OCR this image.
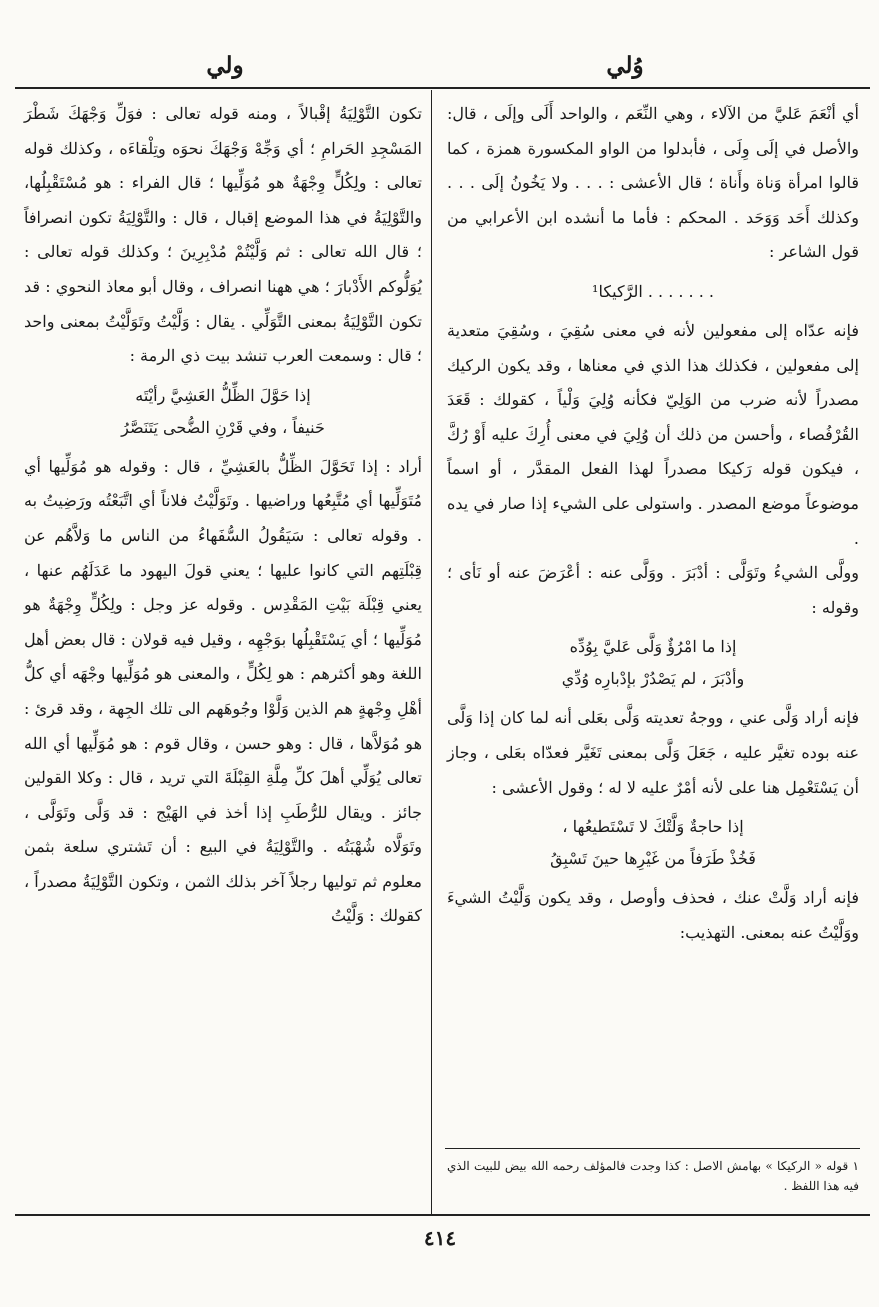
وُلي
ولي

أي أنْعَمَ عَليَّ من الآلاء ، وهي النِّعَم ، والواحد أَلَى وإلَى ، قال: والأصل في إلَى وِلَى ، فأبدلوا من الواو المكسورة همزة ، كما قالوا امرأة وَناة وأَناة ؛ قال الأعشى : . . . ولا يَخُونُ إلَى . . . وكذلك أَحَد وَوَحَد . المحكم : فأما ما أنشده ابن الأعرابي من قول الشاعر :

. . . . . . . الرَّكيكا¹

فإنه عدّاه إلى مفعولين لأنه في معنى سُقِيَ ، وسُقِيَ متعدية إلى مفعولين ، فكذلك هذا الذي في معناها ، وقد يكون الركيك مصدراً لأنه ضرب من الوَلِيّ فكأنه وُلِيَ وَلْياً ، كقولك : قَعَدَ القُرْفُصاء ، وأحسن من ذلك أن وُلِيَ في معنى أُرِكَ عليه أَوْ رُكَّ ، فيكون قوله رَكيكا مصدراً لهذا الفعل المقدَّر ، أو اسماً موضوعاً موضع المصدر . واستولى على الشيء إذا صار في يده .

وولَّى الشيءُ وتَوَلَّى : أدْبَرَ . ووَلَّى عنه : أعْرَضَ عنه أو نَأى ؛ وقوله :

إذا ما امْرُؤٌ وَلَّى عَليَّ بِوُدِّه
وأدْبَرَ ، لم يَصْدُرْ بإدْبارِه وُدِّي

فإنه أراد وَلَّى عني ، ووجهُ تعديته وَلَّى بعَلى أنه لما كان إذا وَلَّى عنه بوده تغيَّر عليه ، جَعَلَ وَلَّى بمعنى تَغَيَّر فعدّاه بعَلى ، وجاز أن يَسْتَعْمِل هنا على لأنه أمْرٌ عليه لا له ؛ وقول الأعشى :

إذا حاجةٌ وَلَّتْكَ لا تَسْتَطيعُها ،
فَخُذْ طَرَفاً من غَيْرِها حينَ تَسْبِقُ

فإنه أراد وَلَّتْ عنك ، فحذف وأوصل ، وقد يكون وَلَّيْتُ الشيءَ ووَلَّيْتُ عنه بمعنى. التهذيب:

١ قوله « الركيكا » بهامش الاصل : كذا وجدت فالمؤلف رحمه الله بيض للبيت الذي فيه هذا اللفظ .

تكون التَّوْلِيَةُ إقْبالاً ، ومنه قوله تعالى : فوَلِّ وَجْهَكَ شَطْرَ المَسْجِدِ الحَرامِ ؛ أي وَجِّهْ وَجْهَكَ نحوَه وتِلْقاءَه ، وكذلك قوله تعالى : ولِكُلٍّ وِجْهَةٌ هو مُوَلِّيها ؛ قال الفراء : هو مُسْتَقْبِلُها، والتَّوْلِيَةُ في هذا الموضع إقبال ، قال : والتَّوْلِيَةُ تكون انصرافاً ؛ قال الله تعالى : ثم وَلَّيْتُمْ مُدْبِرِينَ ؛ وكذلك قوله تعالى : يُوَلُّوكم الأَدْبارَ ؛ هي ههنا انصراف ، وقال أبو معاذ النحوي : قد تكون التَّوْلِيَةُ بمعنى التَّوَلِّي . يقال : وَلَّيْتُ وتَوَلَّيْتُ بمعنى واحد ؛ قال : وسمعت العرب تنشد بيت ذي الرمة :

إذا حَوَّلَ الظِّلُّ العَشِيَّ رأيْتَه
حَنيفاً ، وفي قَرْنِ الضُّحى يَتَنَصَّرُ

أراد : إذا تَحَوَّلَ الظِّلُّ بالعَشِيِّ ، قال : وقوله هو مُوَلِّيها أي مُتَوَلِّيها أي مُتَّبِعُها وراضيها . وتَوَلَّيْتُ فلاناً أي اتَّبَعْتُه ورَضِيتُ به . وقوله تعالى : سَيَقُولُ السُّفَهاءُ من الناس ما وَلاَّهُم عن قِبْلَتِهم التي كانوا عليها ؛ يعني قولَ اليهود ما عَدَلَهُم عنها ، يعني قِبْلَة بَيْتِ المَقْدِس . وقوله عز وجل : ولِكُلٍّ وِجْهَةٌ هو مُوَلِّيها ؛ أي يَسْتَقْبِلُها بوَجْهِه ، وقيل فيه قولان : قال بعض أهل اللغة وهو أكثرهم : هو لِكُلٍّ ، والمعنى هو مُوَلِّيها وجْهَه أي كلُّ أهْلِ وِجْهةٍ هم الذين وَلَّوْا وجُوهَهم الى تلك الجِهة ، وقد قرئ : هو مُوَلاَّها ، قال : وهو حسن ، وقال قوم : هو مُوَلِّيها أي الله تعالى يُوَلِّي أهلَ كلِّ مِلَّةِ القِبْلَةَ التي تريد ، قال : وكلا القولين جائز . ويقال للرُّطَبِ إذا أخذ في الهَيْج : قد وَلَّى وتَوَلَّى ، وتَوَلَّاه شُهْبَتُه . والتَّوْلِيَةُ في البيع : أن تَشتري سلعة بثمن معلوم ثم توليها رجلاً آخر بذلك الثمن ، وتكون التَّوْلِيَةُ مصدراً ، كقولك : وَلَّيْتُ

٤١٤
